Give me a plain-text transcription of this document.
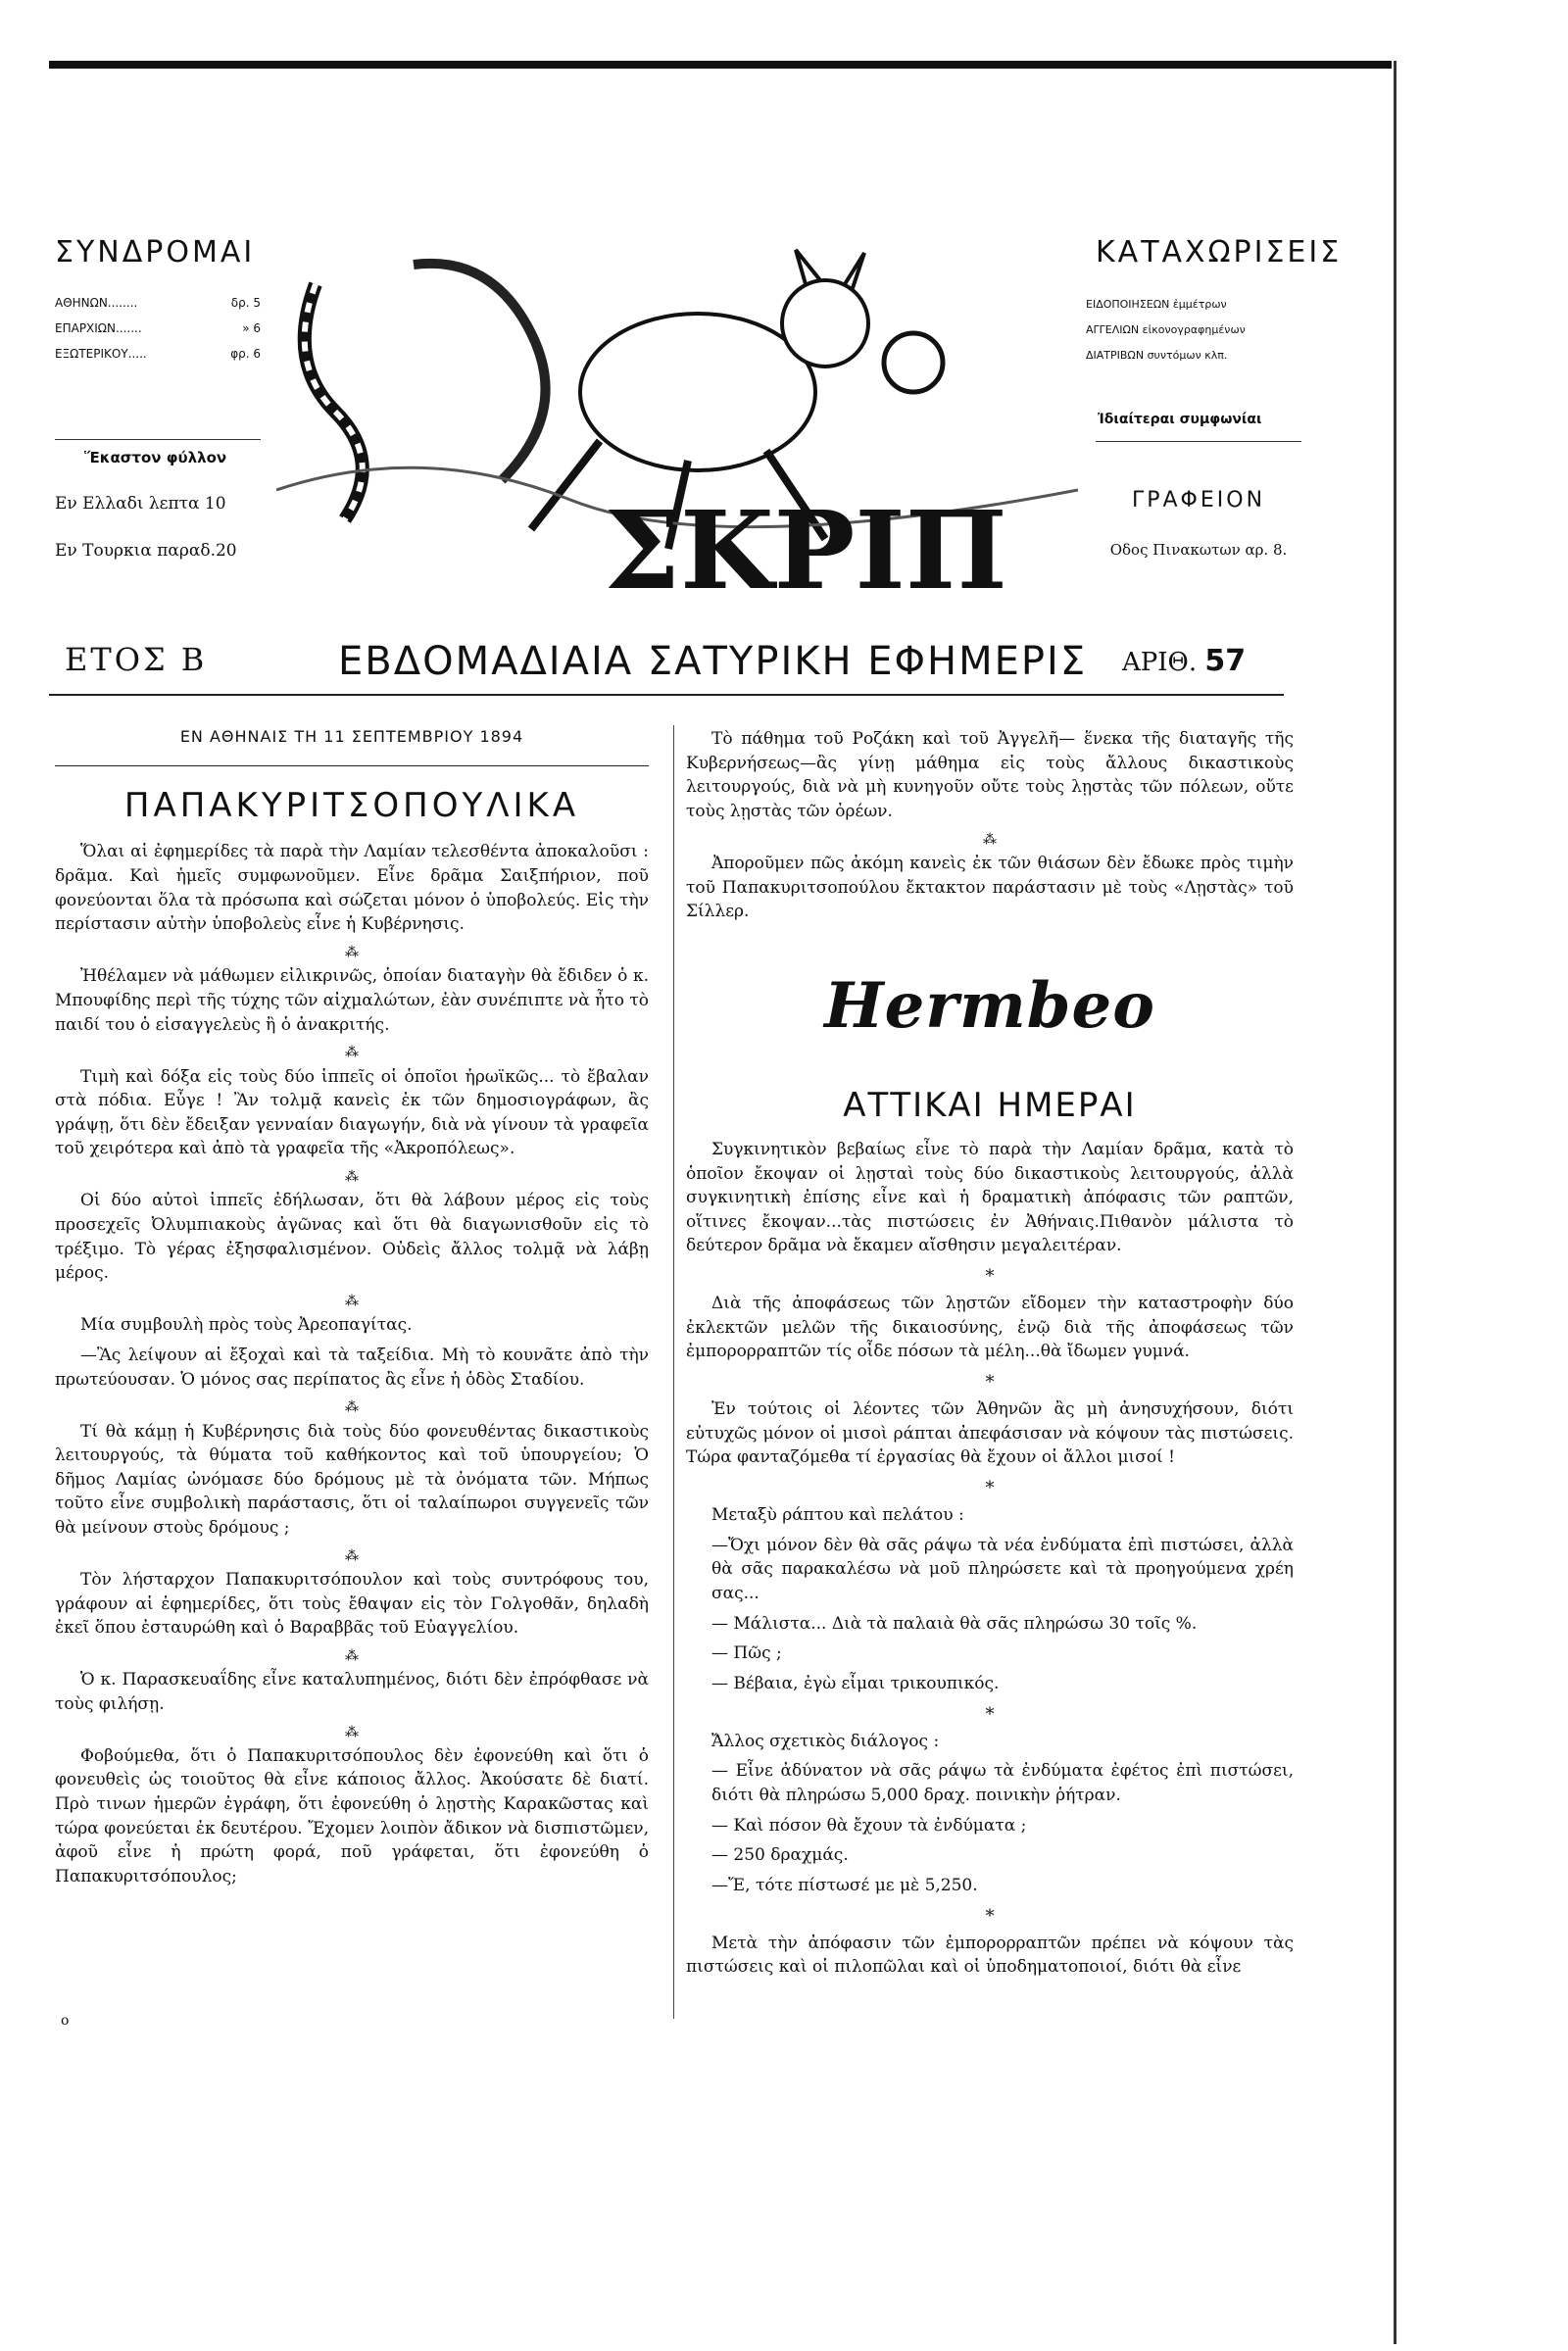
ΣΥΝΔΡΟΜΑΙ
ΑΘΗΝΩΝ........	δρ. 5
ΕΠΑΡΧΙΩΝ.......	» 6
ΕΞΩΤΕΡΙΚΟΥ.....	φρ. 6
Ἕκαστον φύλλον
Εν Ελλαδι λεπτα 10
Εν Τουρκια παραδ.20	ΣΚΡΙΠ
ΚΑΤΑΧΩΡΙΣΕΙΣ
ΕΙΔΟΠΟΙΗΣΕΩΝ ἐμμέτρων
ΑΓΓΕΛΙΩΝ εἰκονογραφημένων
ΔΙΑΤΡΙΒΩΝ συντόμων κλπ.
Ἰδιαίτεραι συμφωνίαι
ΓΡΑΦΕΙΟΝ
Οδος Πινακωτων αρ. 8.
ΕΤΟΣ Β	ΕΒΔΟΜΑΔΙΑΙΑ ΣΑΤΥΡΙΚΗ ΕΦΗΜΕΡΙΣ ΑΡΙΘ. 57
ΕΝ ΑΘΗΝΑΙΣ ΤΗ 11 ΣΕΠΤΕΜΒΡΙΟΥ 1894
ΠΑΠΑΚΥΡΙΤΣΟΠΟΥΛΙΚΑ

Ὅλαι αἱ ἐφημερίδες τὰ παρὰ τὴν Λαμίαν τελεσθέντα ἀποκαλοῦσι : δρᾶμα. Καὶ ἡμεῖς συμφωνοῦμεν. Εἶνε δρᾶμα Σαιξπήριον, ποῦ φονεύονται ὅλα τὰ πρόσωπα καὶ σώζεται μόνον ὁ ὑποβολεύς. Εἰς τὴν περίστασιν αὐτὴν ὑποβολεὺς εἶνε ἡ Κυβέρνησις.

⁂

Ἠθέλαμεν νὰ μάθωμεν εἰλικρινῶς, ὁποίαν διαταγὴν θὰ ἔδιδεν ὁ κ. Μπουφίδης περὶ τῆς τύχης τῶν αἰχμαλώτων, ἐὰν συνέπιπτε νὰ ἦτο τὸ παιδί του ὁ εἰσαγγελεὺς ἢ ὁ ἀνακριτής.

⁂

Τιμὴ καὶ δόξα εἰς τοὺς δύο ἱππεῖς οἱ ὁποῖοι ἡρωϊκῶς... τὸ ἔβαλαν στὰ πόδια. Εὖγε ! Ἂν τολμᾷ κανεὶς ἐκ τῶν δημοσιογράφων, ἂς γράψῃ, ὅτι δὲν ἔδειξαν γενναίαν διαγωγήν, διὰ νὰ γίνουν τὰ γραφεῖα τοῦ χειρότερα καὶ ἀπὸ τὰ γραφεῖα τῆς «Ἀκροπόλεως».

⁂

Οἱ δύο αὐτοὶ ἱππεῖς ἐδήλωσαν, ὅτι θὰ λάβουν μέρος εἰς τοὺς προσεχεῖς Ὀλυμπιακοὺς ἀγῶνας καὶ ὅτι θὰ διαγωνισθοῦν εἰς τὸ τρέξιμο. Τὸ γέρας ἐξησφαλισμένον. Οὐδεὶς ἄλλος τολμᾷ νὰ λάβῃ μέρος.

⁂

Μία συμβουλὴ πρὸς τοὺς Ἀρεοπαγίτας.

—Ἂς λείψουν αἱ ἔξοχαὶ καὶ τὰ ταξείδια. Μὴ τὸ κουνᾶτε ἀπὸ τὴν πρωτεύουσαν. Ὁ μόνος σας περίπατος ἂς εἶνε ἡ ὁδὸς Σταδίου.

⁂

Τί θὰ κάμῃ ἡ Κυβέρνησις διὰ τοὺς δύο φονευθέντας δικαστικοὺς λειτουργούς, τὰ θύματα τοῦ καθήκοντος καὶ τοῦ ὑπουργείου; Ὁ δῆμος Λαμίας ὠνόμασε δύο δρόμους μὲ τὰ ὀνόματα τῶν. Μήπως τοῦτο εἶνε συμβολικὴ παράστασις, ὅτι οἱ ταλαίπωροι συγγενεῖς τῶν θὰ μείνουν στοὺς δρόμους ;

⁂

Τὸν λήσταρχον Παπακυριτσόπουλον καὶ τοὺς συντρόφους του, γράφουν αἱ ἐφημερίδες, ὅτι τοὺς ἔθαψαν εἰς τὸν Γολγοθᾶν, δηλαδὴ ἐκεῖ ὅπου ἐσταυρώθη καὶ ὁ Βαραββᾶς τοῦ Εὐαγγελίου.

⁂

Ὁ κ. Παρασκευαΐδης εἶνε καταλυπημένος, διότι δὲν ἐπρόφθασε νὰ τοὺς φιλήσῃ.

⁂

Φοβούμεθα, ὅτι ὁ Παπακυριτσόπουλος δὲν ἐφονεύθη καὶ ὅτι ὁ φονευθεὶς ὡς τοιοῦτος θὰ εἶνε κάποιος ἄλλος. Ἀκούσατε δὲ διατί. Πρὸ τινων ἡμερῶν ἐγράφη, ὅτι ἐφονεύθη ὁ λῃστὴς Καρακῶστας καὶ τώρα φονεύεται ἐκ δευτέρου. Ἔχομεν λοιπὸν ἄδικον νὰ δισπιστῶμεν, ἀφοῦ εἶνε ἡ πρώτη φορά, ποῦ γράφεται, ὅτι ἐφονεύθη ὁ Παπακυριτσόπουλος;

o

Τὸ πάθημα τοῦ Ροζάκη καὶ τοῦ Ἀγγελῆ— ἕνεκα τῆς διαταγῆς τῆς Κυβερνήσεως—ἂς γίνῃ μάθημα εἰς τοὺς ἄλλους δικαστικοὺς λειτουργούς, διὰ νὰ μὴ κυνηγοῦν οὔτε τοὺς λῃστὰς τῶν πόλεων, οὔτε τοὺς λῃστὰς τῶν ὀρέων.

⁂

Ἀποροῦμεν πῶς ἀκόμη κανεὶς ἐκ τῶν θιάσων δὲν ἔδωκε πρὸς τιμὴν τοῦ Παπακυριτσοπούλου ἔκτακτον παράστασιν μὲ τοὺς «Λῃστὰς» τοῦ Σίλλερ.

Hermbeo
ΑΤΤΙΚΑΙ ΗΜΕΡΑΙ

Συγκινητικὸν βεβαίως εἶνε τὸ παρὰ τὴν Λαμίαν δρᾶμα, κατὰ τὸ ὁποῖον ἔκοψαν οἱ λῃσταὶ τοὺς δύο δικαστικοὺς λειτουργούς, ἀλλὰ συγκινητικὴ ἐπίσης εἶνε καὶ ἡ δραματικὴ ἀπόφασις τῶν ραπτῶν, οἵτινες ἔκοψαν...τὰς πιστώσεις ἐν Ἀθήναις.Πιθανὸν μάλιστα τὸ δεύτερον δρᾶμα νὰ ἔκαμεν αἴσθησιν μεγαλειτέραν.

*

Διὰ τῆς ἀποφάσεως τῶν λῃστῶν εἴδομεν τὴν καταστροφὴν δύο ἐκλεκτῶν μελῶν τῆς δικαιοσύνης, ἐνῷ διὰ τῆς ἀποφάσεως τῶν ἐμπορορραπτῶν τίς οἶδε πόσων τὰ μέλη...θὰ ἴδωμεν γυμνά.

*

Ἐν τούτοις οἱ λέοντες τῶν Ἀθηνῶν ἂς μὴ ἀνησυχήσουν, διότι εὐτυχῶς μόνον οἱ μισοὶ ράπται ἀπεφάσισαν νὰ κόψουν τὰς πιστώσεις. Τώρα φανταζόμεθα τί ἐργασίας θὰ ἔχουν οἱ ἄλλοι μισοί !

*

Μεταξὺ ράπτου καὶ πελάτου :

—Ὄχι μόνον δὲν θὰ σᾶς ράψω τὰ νέα ἐνδύματα ἐπὶ πιστώσει, ἀλλὰ θὰ σᾶς παρακαλέσω νὰ μοῦ πληρώσετε καὶ τὰ προηγούμενα χρέη σας...

— Μάλιστα... Διὰ τὰ παλαιὰ θὰ σᾶς πληρώσω 30 τοῖς %.

— Πῶς ;

— Βέβαια, ἐγὼ εἶμαι τρικουπικός.

*

Ἄλλος σχετικὸς διάλογος :

— Εἶνε ἀδύνατον νὰ σᾶς ράψω τὰ ἐνδύματα ἐφέτος ἐπὶ πιστώσει, διότι θὰ πληρώσω 5,000 δραχ. ποινικὴν ῥήτραν.

— Καὶ πόσον θὰ ἔχουν τὰ ἐνδύματα ;

— 250 δραχμάς.

—Ἔ, τότε πίστωσέ με μὲ 5,250.

*

Μετὰ τὴν ἀπόφασιν τῶν ἐμπορορραπτῶν πρέπει νὰ κόψουν τὰς πιστώσεις καὶ οἱ πιλοπῶλαι καὶ οἱ ὑποδηματοποιοί, διότι θὰ εἶνε
